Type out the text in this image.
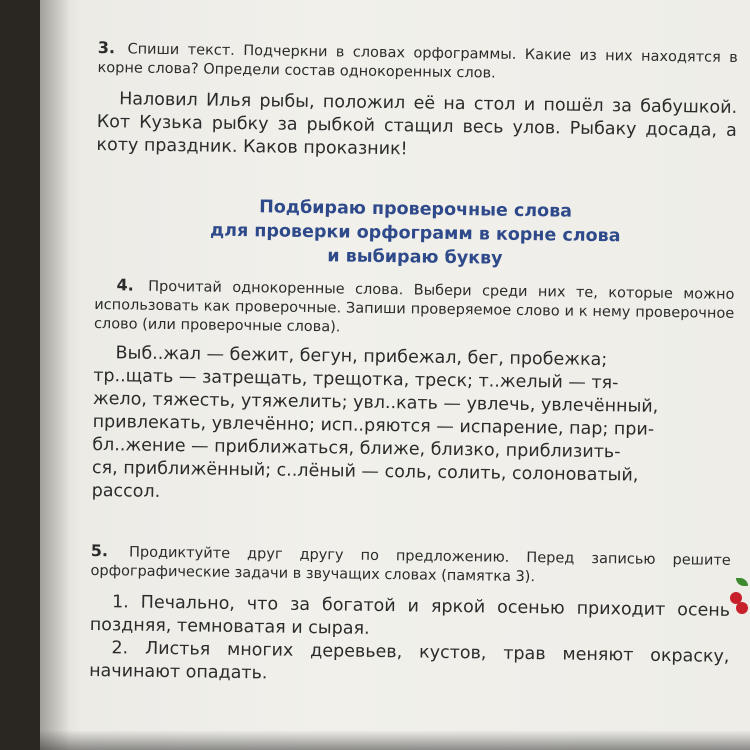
3. Спиши текст. Подчеркни в словах орфограммы. Какие из них находятся в корне слова? Определи состав однокоренных слов.

Наловил Илья рыбы, положил её на стол и пошёл за бабушкой. Кот Кузька рыбку за рыбкой стащил весь улов. Рыбаку досада, а коту праздник. Каков проказник!

Подбираю проверочные слова
для проверки орфограмм в корне слова
и выбираю букву

4. Прочитай однокоренные слова. Выбери среди них те, которые можно использовать как проверочные. Запиши проверяемое слово и к нему проверочное слово (или проверочные слова).

Выб..жал — бежит, бегун, прибежал, бег, пробежка;

тр..щать — затрещать, трещотка, треск; т..желый — тя-

жело, тяжесть, утяжелить; увл..кать — увлечь, увлечённый,

привлекать, увлечённо; исп..ряются — испарение, пар; при-

бл..жение — приближаться, ближе, близко, приблизить-

ся, приближённый; с..лёный — соль, солить, солоноватый,

рассол.

5. Продиктуйте друг другу по предложению. Перед записью решите орфографические задачи в звучащих словах (памятка 3).

1. Печально, что за богатой и яркой осенью приходит осень поздняя, темноватая и сырая.

2. Листья многих деревьев, кустов, трав меняют окраску, начинают опадать.
